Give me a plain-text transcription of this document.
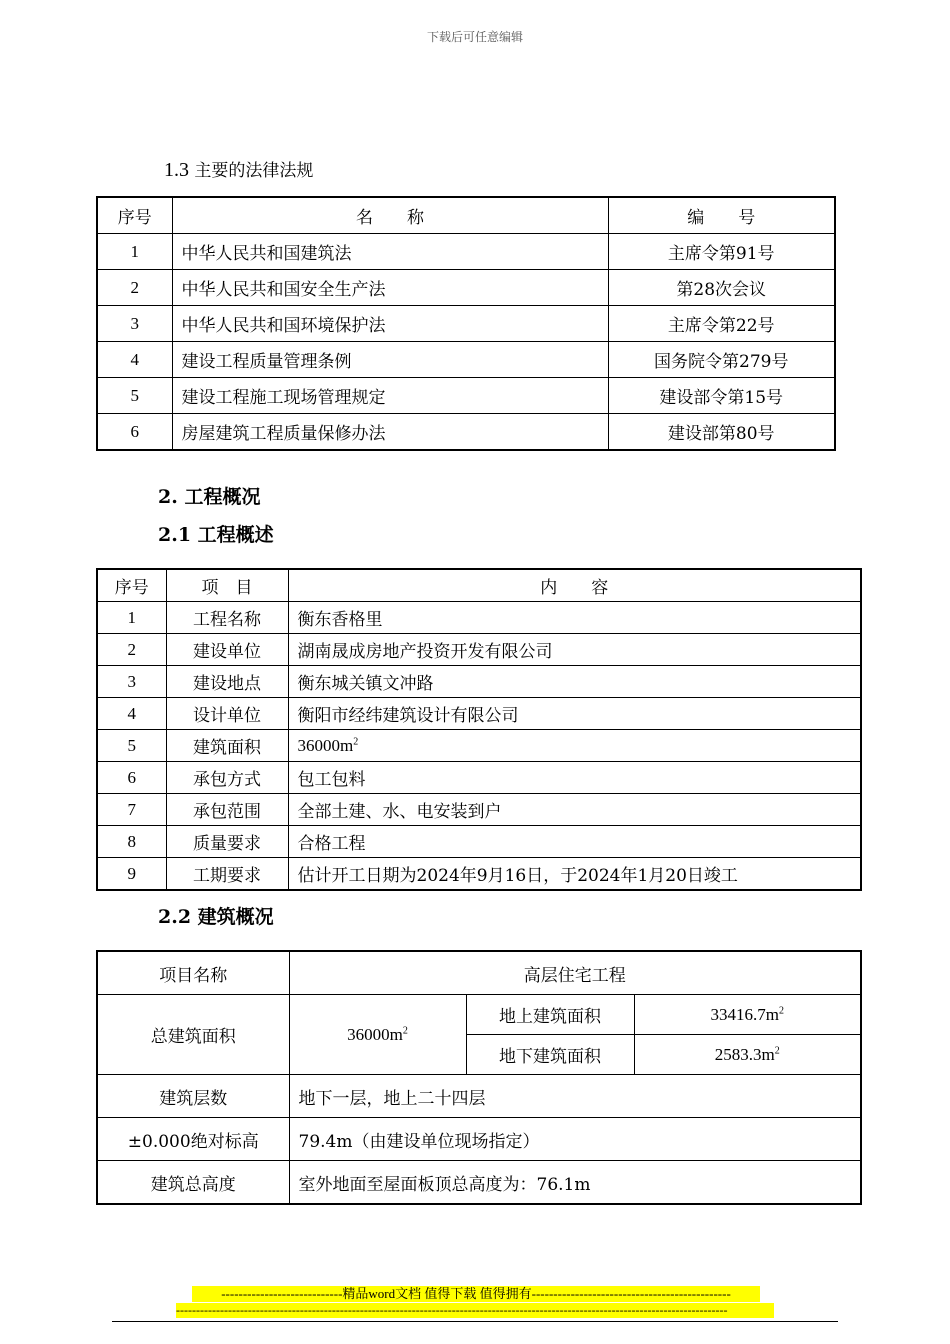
下载后可任意编辑
1.3 主要的法律法规
序号	名　　称	编　　号
1	中华人民共和国建筑法	主席令第91号
2	中华人民共和国安全生产法	第28次会议
3	中华人民共和国环境保护法	主席令第22号
4	建设工程质量管理条例	国务院令第279号
5	建设工程施工现场管理规定	建设部令第15号
6	房屋建筑工程质量保修办法	建设部第80号
2. 工程概况
2.1 工程概述
序号	项　目	内　　容
1	工程名称	衡东香格里
2	建设单位	湖南晟成房地产投资开发有限公司
3	建设地点	衡东城关镇文冲路
4	设计单位	衡阳市经纬建筑设计有限公司
5	建筑面积	$36000m^2$
6	承包方式	包工包料
7	承包范围	全部土建、水、电安装到户
8	质量要求	合格工程
9	工期要求	估计开工日期为2024年9月16日，于2024年1月20日竣工
2.2 建筑概况
项目名称	高层住宅工程		
总建筑面积	$36000m^2$	地上建筑面积	$33416.7m^2$
		地下建筑面积	$2583.3m^2$
建筑层数	地下一层，地上二十四层		
±0.000绝对标高	79.4m（由建设单位现场指定）		
建筑总高度	室外地面至屋面板顶总高度为：76.1m		
----------------------------精品word文档 值得下载 值得拥有----------------------------------------------
------------------------------------------------------------------------------------------------------------------------------------------
